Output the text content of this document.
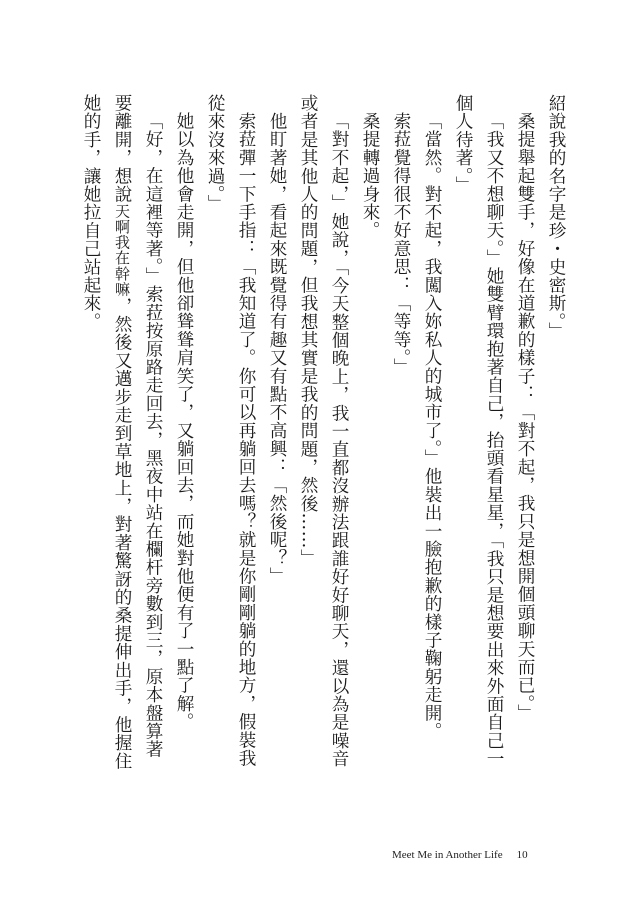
紹說我的名字是珍・史密斯。」

桑提舉起雙手，好像在道歉的樣子：「對不起，我只是想開個頭聊天而已。」

「我又不想聊天。」她雙臂環抱著自己，抬頭看星星，「我只是想要出來外面自己一個人待著。」

「當然。對不起，我闖入妳私人的城市了。」他裝出一臉抱歉的樣子鞠躬走開。

索菈覺得很不好意思：「等等。」

桑提轉過身來。

「對不起，」她說，「今天整個晚上，我一直都沒辦法跟誰好好聊天，還以為是噪音或者是其他人的問題，但我想其實是我的問題，然後……」

他盯著她，看起來既覺得有趣又有點不高興：「然後呢？」

索菈彈一下手指：「我知道了。你可以再躺回去嗎？就是你剛剛躺的地方，假裝我從來沒來過。」

她以為他會走開，但他卻聳聳肩笑了，又躺回去，而她對他便有了一點了解。

「好，在這裡等著。」索菈按原路走回去，黑夜中站在欄杆旁數到三，原本盤算著要離開，想說天啊我在幹嘛，然後又邁步走到草地上，對著驚訝的桑提伸出手，他握住她的手，讓她拉自己站起來。

Meet Me in Another Life 10
